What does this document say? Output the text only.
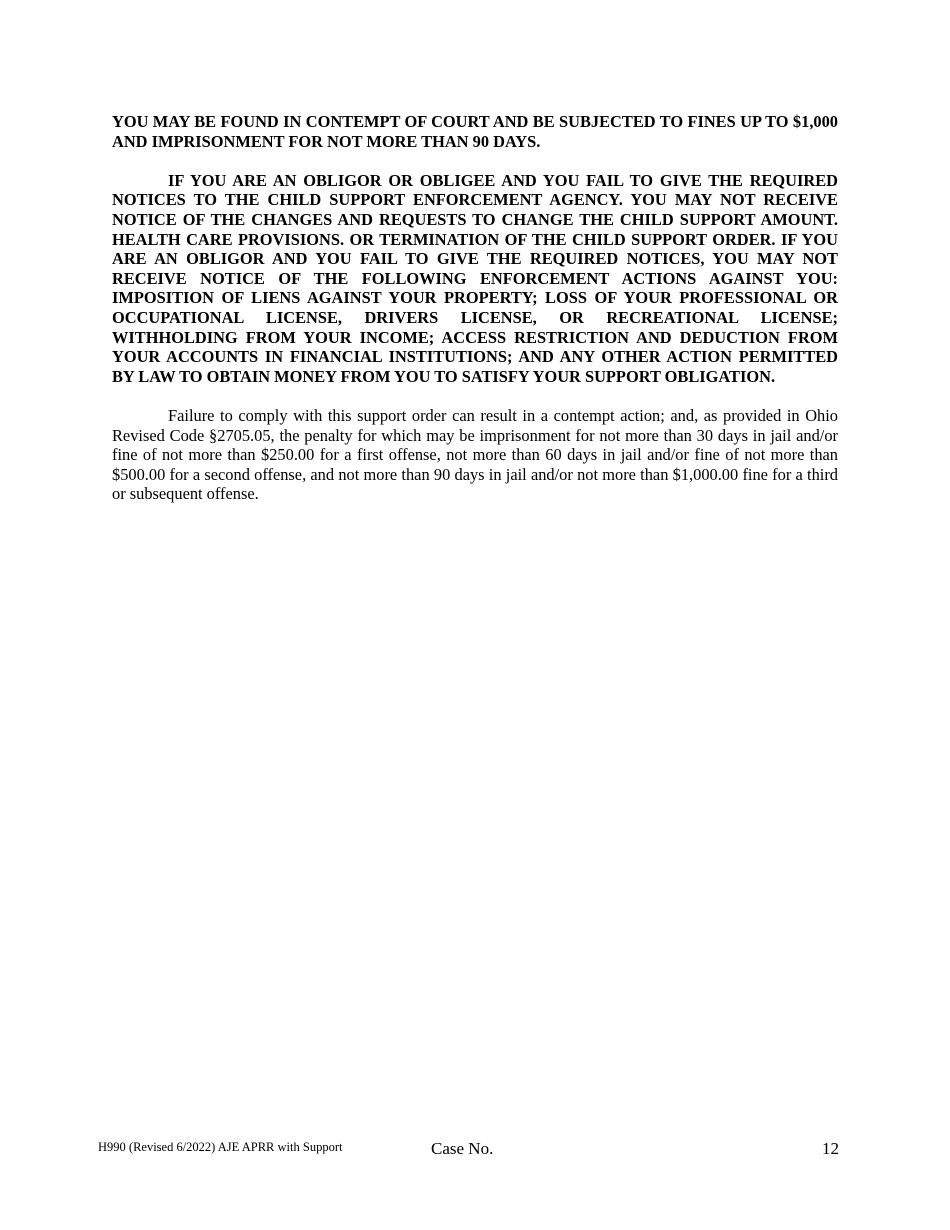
YOU MAY BE FOUND IN CONTEMPT OF COURT AND BE SUBJECTED TO FINES UP TO $1,000 AND IMPRISONMENT FOR NOT MORE THAN 90 DAYS.

IF YOU ARE AN OBLIGOR OR OBLIGEE AND YOU FAIL TO GIVE THE REQUIRED NOTICES TO THE CHILD SUPPORT ENFORCEMENT AGENCY. YOU MAY NOT RECEIVE NOTICE OF THE CHANGES AND REQUESTS TO CHANGE THE CHILD SUPPORT AMOUNT. HEALTH CARE PROVISIONS. OR TERMINATION OF THE CHILD SUPPORT ORDER. IF YOU ARE AN OBLIGOR AND YOU FAIL TO GIVE THE REQUIRED NOTICES, YOU MAY NOT RECEIVE NOTICE OF THE FOLLOWING ENFORCEMENT ACTIONS AGAINST YOU: IMPOSITION OF LIENS AGAINST YOUR PROPERTY; LOSS OF YOUR PROFESSIONAL OR OCCUPATIONAL LICENSE, DRIVERS LICENSE, OR RECREATIONAL LICENSE; WITHHOLDING FROM YOUR INCOME; ACCESS RESTRICTION AND DEDUCTION FROM YOUR ACCOUNTS IN FINANCIAL INSTITUTIONS; AND ANY OTHER ACTION PERMITTED BY LAW TO OBTAIN MONEY FROM YOU TO SATISFY YOUR SUPPORT OBLIGATION.

Failure to comply with this support order can result in a contempt action; and, as provided in Ohio Revised Code §2705.05, the penalty for which may be imprisonment for not more than 30 days in jail and/or fine of not more than $250.00 for a first offense, not more than 60 days in jail and/or fine of not more than $500.00 for a second offense, and not more than 90 days in jail and/or not more than $1,000.00 fine for a third or subsequent offense.

H990 (Revised 6/2022) AJE APRR with Support	Case No.	12
